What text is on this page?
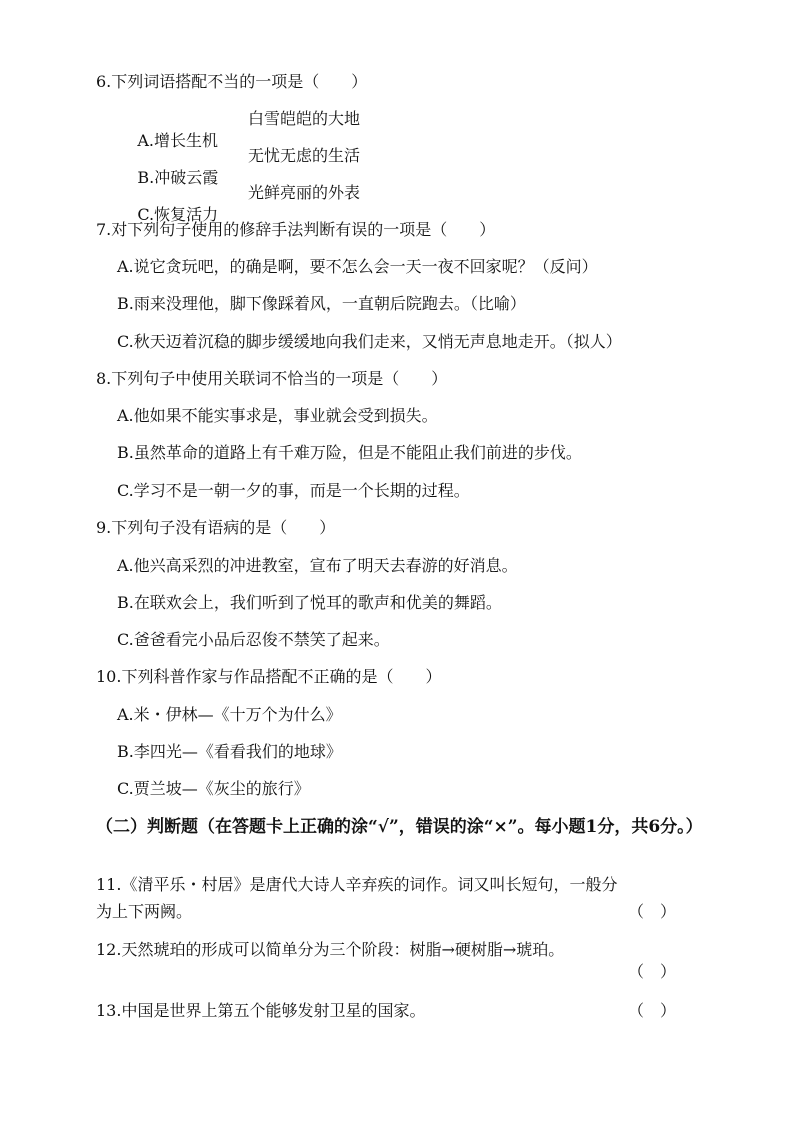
6.下列词语搭配不当的一项是（　　）

A.增长生机

白雪皑皑的大地

B.冲破云霞

无忧无虑的生活

C.恢复活力

光鲜亮丽的外表

7.对下列句子使用的修辞手法判断有误的一项是（　　）
A.说它贪玩吧，的确是啊，要不怎么会一天一夜不回家呢？（反问）
B.雨来没理他，脚下像踩着风，一直朝后院跑去。（比喻）
C.秋天迈着沉稳的脚步缓缓地向我们走来，又悄无声息地走开。（拟人）
8.下列句子中使用关联词不恰当的一项是（　　）
A.他如果不能实事求是，事业就会受到损失。
B.虽然革命的道路上有千难万险，但是不能阻止我们前进的步伐。
C.学习不是一朝一夕的事，而是一个长期的过程。
9.下列句子没有语病的是（　　）
A.他兴高采烈的冲进教室，宣布了明天去春游的好消息。
B.在联欢会上，我们听到了悦耳的歌声和优美的舞蹈。
C.爸爸看完小品后忍俊不禁笑了起来。
10.下列科普作家与作品搭配不正确的是（　　）
A.米・伊林—《十万个为什么》
B.李四光—《看看我们的地球》
C.贾兰坡—《灰尘的旅行》
（二）判断题（在答题卡上正确的涂“√”，错误的涂“×”。每小题1分，共6分。）
11.《清平乐・村居》是唐代大诗人辛弃疾的词作。词又叫长短句，一般分
为上下两阙。	（　）
12.天然琥珀的形成可以简单分为三个阶段：树脂→硬树脂→琥珀。
（　）
13.中国是世界上第五个能够发射卫星的国家。	（　）
